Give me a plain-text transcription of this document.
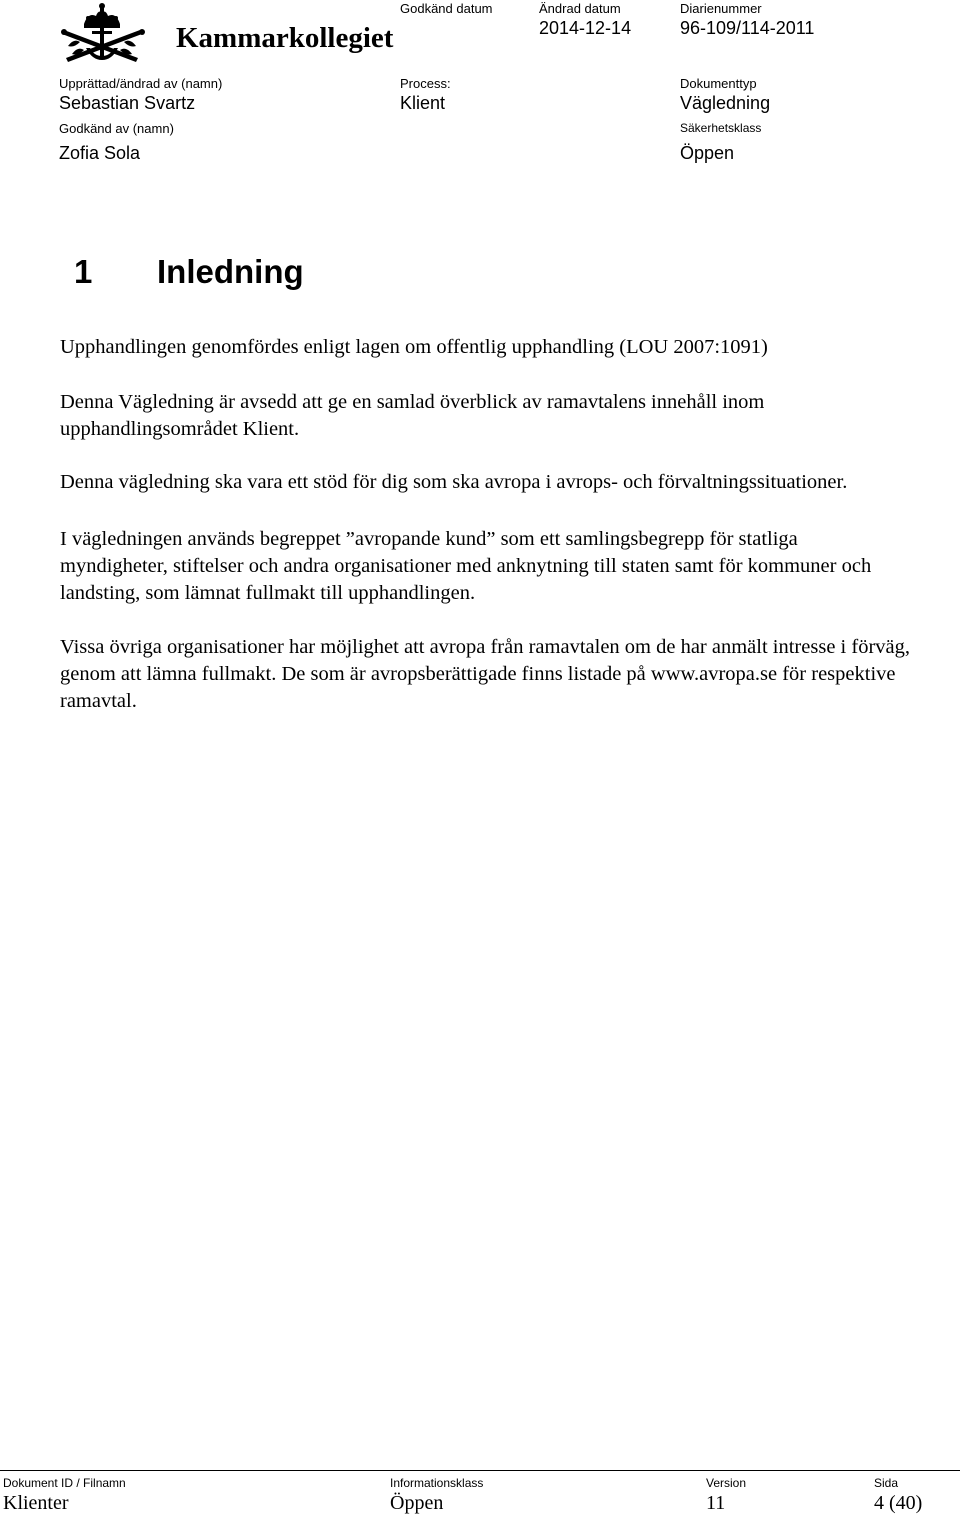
Kammarkollegiet
Godkänd datum	Ändrad datum
2014-12-14
Diarienummer
96-109/114-2011
Upprättad/ändrad av (namn)
Sebastian Svartz
Process:
Klient
Dokumenttyp
Vägledning
Godkänd av (namn)
Zofia Sola
Säkerhetsklass
Öppen
1 Inledning

Upphandlingen genomfördes enligt lagen om offentlig upphandling (LOU 2007:1091)

Denna Vägledning är avsedd att ge en samlad överblick av ramavtalens innehåll inom upphandlingsområdet Klient.

Denna vägledning ska vara ett stöd för dig som ska avropa i avrops- och förvaltningssituationer.

I vägledningen används begreppet ”avropande kund” som ett samlingsbegrepp för statliga myndigheter, stiftelser och andra organisationer med anknytning till staten samt för kommuner och landsting, som lämnat fullmakt till upphandlingen.

Vissa övriga organisationer har möjlighet att avropa från ramavtalen om de har anmält intresse i förväg, genom att lämna fullmakt. De som är avropsberättigade finns listade på www.avropa.se för respektive ramavtal.

Dokument ID / Filnamn
Klienter
Informationsklass
Öppen
Version
11
Sida
4 (40)
